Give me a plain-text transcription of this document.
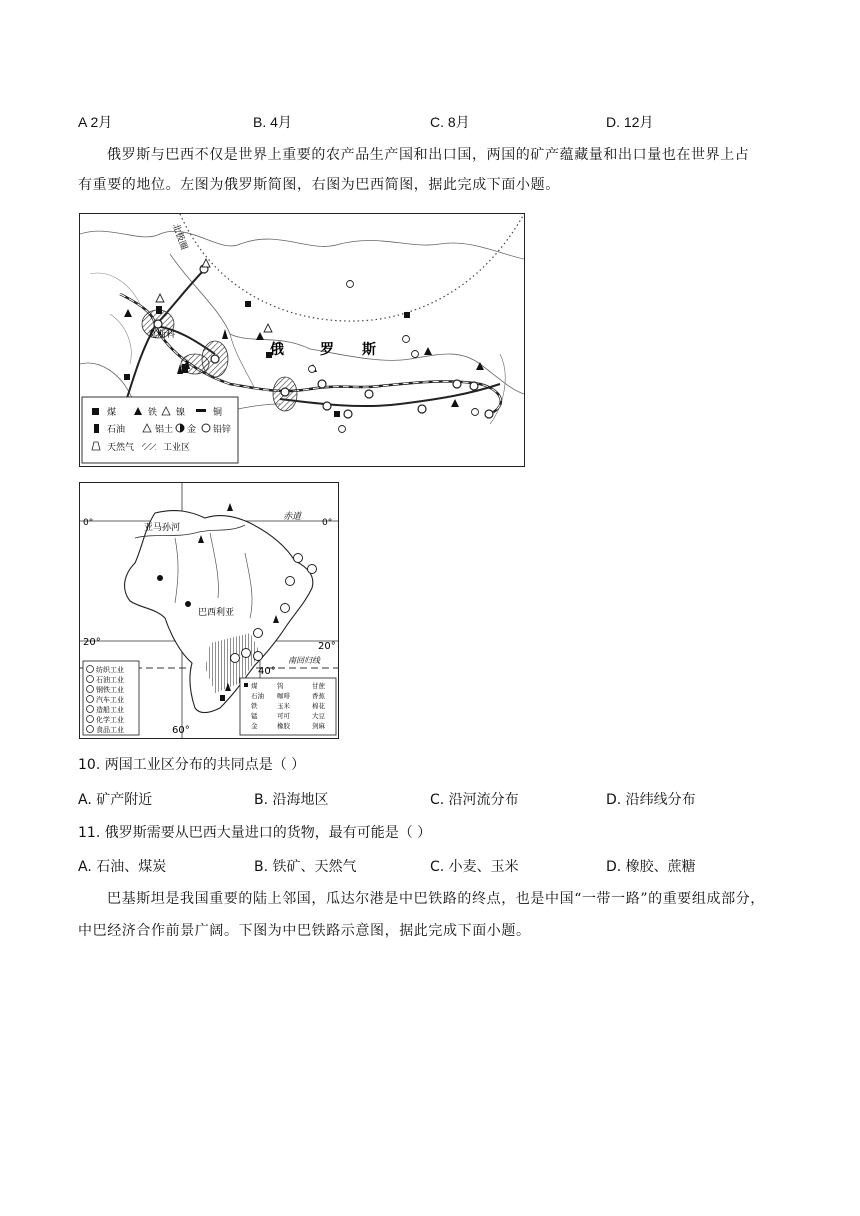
A 2月	B. 4月	C. 8月	D. 12月
俄罗斯与巴西不仅是世界上重要的农产品生产国和出口国，两国的矿产蕴藏量和出口量也在世界上占
有重要的地位。左图为俄罗斯简图，右图为巴西简图，据此完成下面小题。
北极圈
莫斯科
俄	罗 斯
煤	铁 镍	铜
石油	铝土 金 铅锌
天然气	工业区
赤道
0°
0°	亚马孙河
巴西利亚
20°	20°
南回归线
40°
60°
纺织工业
石油工业
钢铁工业
汽车工业
造船工业
化学工业
食品工业
煤	钨	甘蔗
石油 咖啡	香蕉
铁	玉米	棉花
锰	可可	大豆
金	橡胶	剑麻
10. 两国工业区分布的共同点是（ ）
A. 矿产附近	B. 沿海地区	C. 沿河流分布	D. 沿纬线分布
11. 俄罗斯需要从巴西大量进口的货物，最有可能是（ ）
A. 石油、煤炭	B. 铁矿、天然气	C. 小麦、玉米	D. 橡胶、蔗糖
巴基斯坦是我国重要的陆上邻国，瓜达尔港是中巴铁路的终点，也是中国“一带一路”的重要组成部分，
中巴经济合作前景广阔。下图为中巴铁路示意图，据此完成下面小题。
